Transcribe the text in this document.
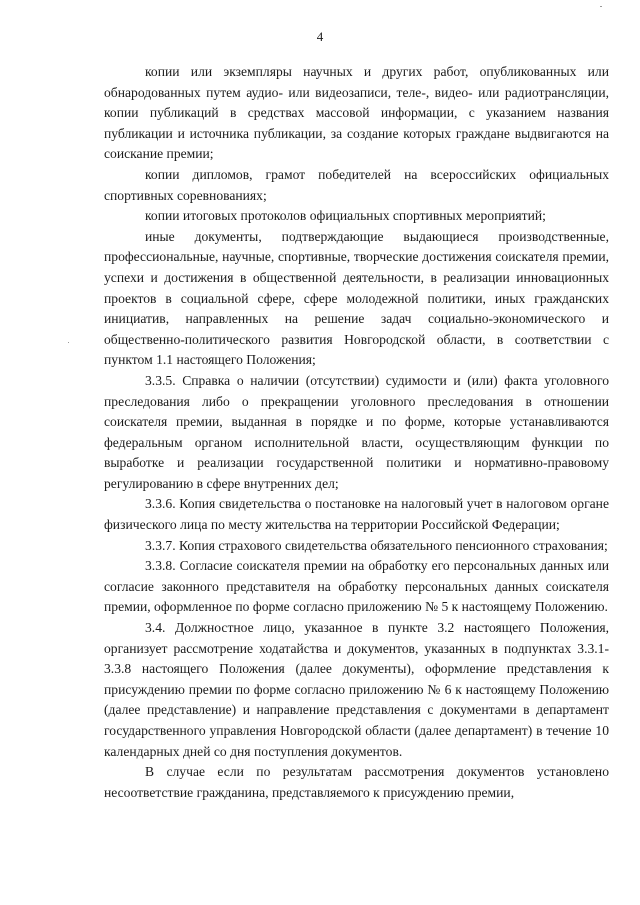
4

копии или экземпляры научных и других работ, опубликованных или обнародованных путем аудио- или видеозаписи, теле-, видео- или радиотрансляции, копии публикаций в средствах массовой информации, с указанием названия публикации и источника публикации, за создание которых граждане выдвигаются на соискание премии;

копии дипломов, грамот победителей на всероссийских официальных спортивных соревнованиях;

копии итоговых протоколов официальных спортивных мероприятий;

иные документы, подтверждающие выдающиеся производственные, профессиональные, научные, спортивные, творческие достижения соискателя премии, успехи и достижения в общественной деятельности, в реализации инновационных проектов в социальной сфере, сфере молодежной политики, иных гражданских инициатив, направленных на решение задач социально-экономического и общественно-политического развития Новгородской области, в соответствии с пунктом 1.1 настоящего Положения;

3.3.5. Справка о наличии (отсутствии) судимости и (или) факта уголовного преследования либо о прекращении уголовного преследования в отношении соискателя премии, выданная в порядке и по форме, которые устанавливаются федеральным органом исполнительной власти, осуществляющим функции по выработке и реализации государственной политики и нормативно-правовому регулированию в сфере внутренних дел;

3.3.6. Копия свидетельства о постановке на налоговый учет в налоговом органе физического лица по месту жительства на территории Российской Федерации;

3.3.7. Копия страхового свидетельства обязательного пенсионного страхования;

3.3.8. Согласие соискателя премии на обработку его персональных данных или согласие законного представителя на обработку персональных данных соискателя премии, оформленное по форме согласно приложению № 5 к настоящему Положению.

3.4. Должностное лицо, указанное в пункте 3.2 настоящего Положения, организует рассмотрение ходатайства и документов, указанных в подпунктах 3.3.1-3.3.8 настоящего Положения (далее документы), оформление представления к присуждению премии по форме согласно приложению № 6 к настоящему Положению (далее представление) и направление представления с документами в департамент государственного управления Новгородской области (далее департамент) в течение 10 календарных дней со дня поступления документов.

В случае если по результатам рассмотрения документов установлено несоответствие гражданина, представляемого к присуждению премии,
